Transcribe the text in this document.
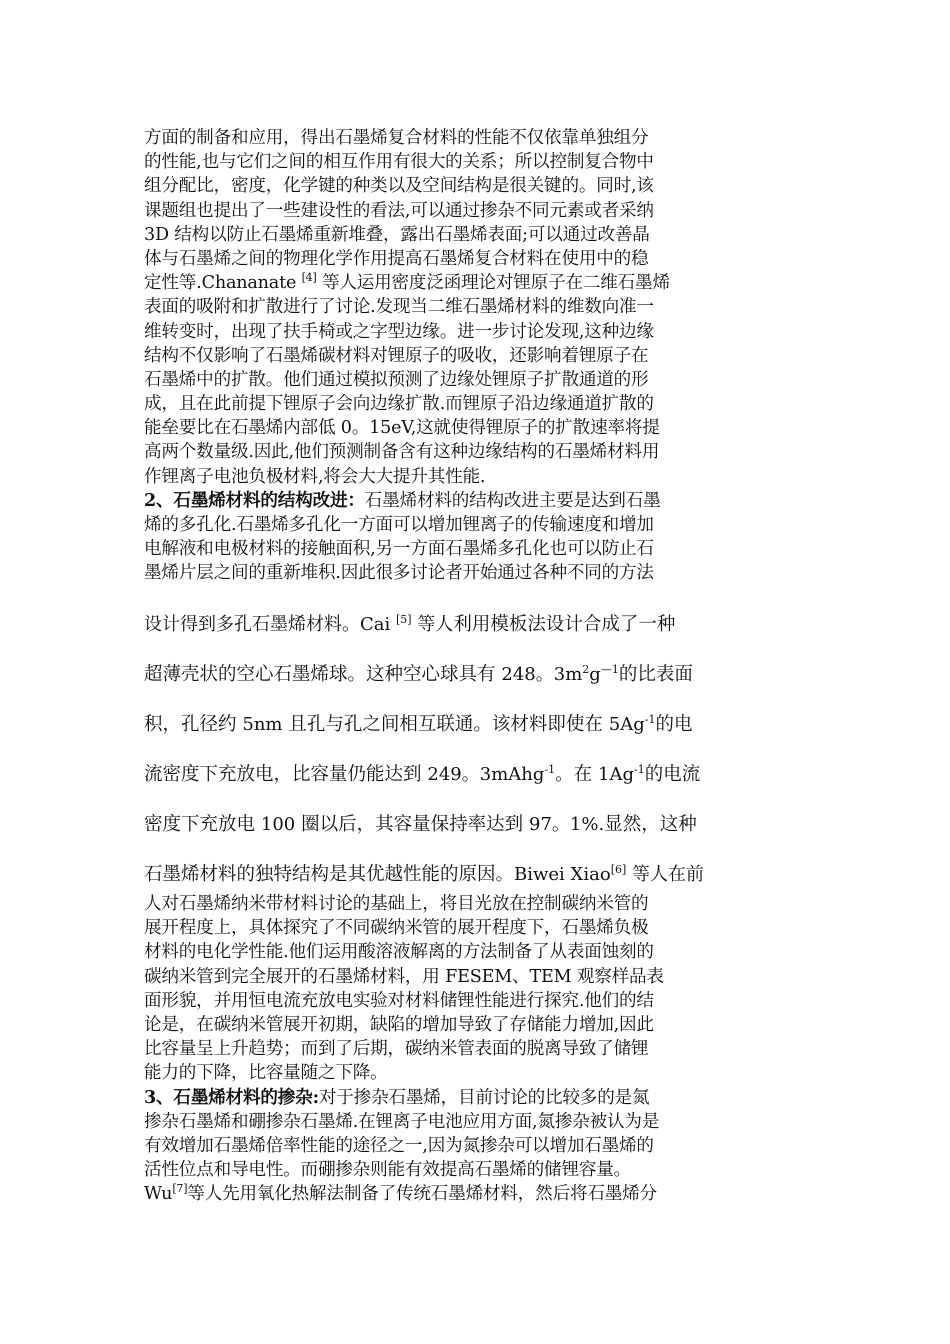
方面的制备和应用，得出石墨烯复合材料的性能不仅依靠单独组分
的性能,也与它们之间的相互作用有很大的关系；所以控制复合物中
组分配比，密度，化学键的种类以及空间结构是很关键的。同时,该
课题组也提出了一些建设性的看法,可以通过掺杂不同元素或者采纳
3D 结构以防止石墨烯重新堆叠，露出石墨烯表面;可以通过改善晶
体与石墨烯之间的物理化学作用提高石墨烯复合材料在使用中的稳
定性等.Chananate [4] 等人运用密度泛函理论对锂原子在二维石墨烯
表面的吸附和扩散进行了讨论.发现当二维石墨烯材料的维数向准一
维转变时，出现了扶手椅或之字型边缘。进一步讨论发现,这种边缘
结构不仅影响了石墨烯碳材料对锂原子的吸收，还影响着锂原子在
石墨烯中的扩散。他们通过模拟预测了边缘处锂原子扩散通道的形
成，且在此前提下锂原子会向边缘扩散.而锂原子沿边缘通道扩散的
能垒要比在石墨烯内部低 0。15eV,这就使得锂原子的扩散速率将提
高两个数量级.因此,他们预测制备含有这种边缘结构的石墨烯材料用
作锂离子电池负极材料,将会大大提升其性能.
2、石墨烯材料的结构改进：石墨烯材料的结构改进主要是达到石墨
烯的多孔化.石墨烯多孔化一方面可以增加锂离子的传输速度和增加
电解液和电极材料的接触面积,另一方面石墨烯多孔化也可以防止石
墨烯片层之间的重新堆积.因此很多讨论者开始通过各种不同的方法
设计得到多孔石墨烯材料。Cai [5] 等人利用模板法设计合成了一种
超薄壳状的空心石墨烯球。这种空心球具有 248。$3m^2g^{—1}$的比表面
积，孔径约 5nm 且孔与孔之间相互联通。该材料即使在 $5Ag^{-1}$的电
流密度下充放电，比容量仍能达到 249。3mAhg$^{-1}$。在 $1Ag^{-1}$的电流
密度下充放电 100 圈以后，其容量保持率达到 97。1%.显然，这种
石墨烯材料的独特结构是其优越性能的原因。Biwei Xiao[6] 等人在前
人对石墨烯纳米带材料讨论的基础上，将目光放在控制碳纳米管的
展开程度上，具体探究了不同碳纳米管的展开程度下，石墨烯负极
材料的电化学性能.他们运用酸溶液解离的方法制备了从表面蚀刻的
碳纳米管到完全展开的石墨烯材料，用 FESEM、TEM 观察样品表
面形貌，并用恒电流充放电实验对材料储锂性能进行探究.他们的结
论是，在碳纳米管展开初期，缺陷的增加导致了存储能力增加,因此
比容量呈上升趋势；而到了后期，碳纳米管表面的脱离导致了储锂
能力的下降，比容量随之下降。
3、石墨烯材料的掺杂:对于掺杂石墨烯，目前讨论的比较多的是氮
掺杂石墨烯和硼掺杂石墨烯.在锂离子电池应用方面,氮掺杂被认为是
有效增加石墨烯倍率性能的途径之一,因为氮掺杂可以增加石墨烯的
活性位点和导电性。而硼掺杂则能有效提高石墨烯的储锂容量。
Wu[7]等人先用氧化热解法制备了传统石墨烯材料，然后将石墨烯分
